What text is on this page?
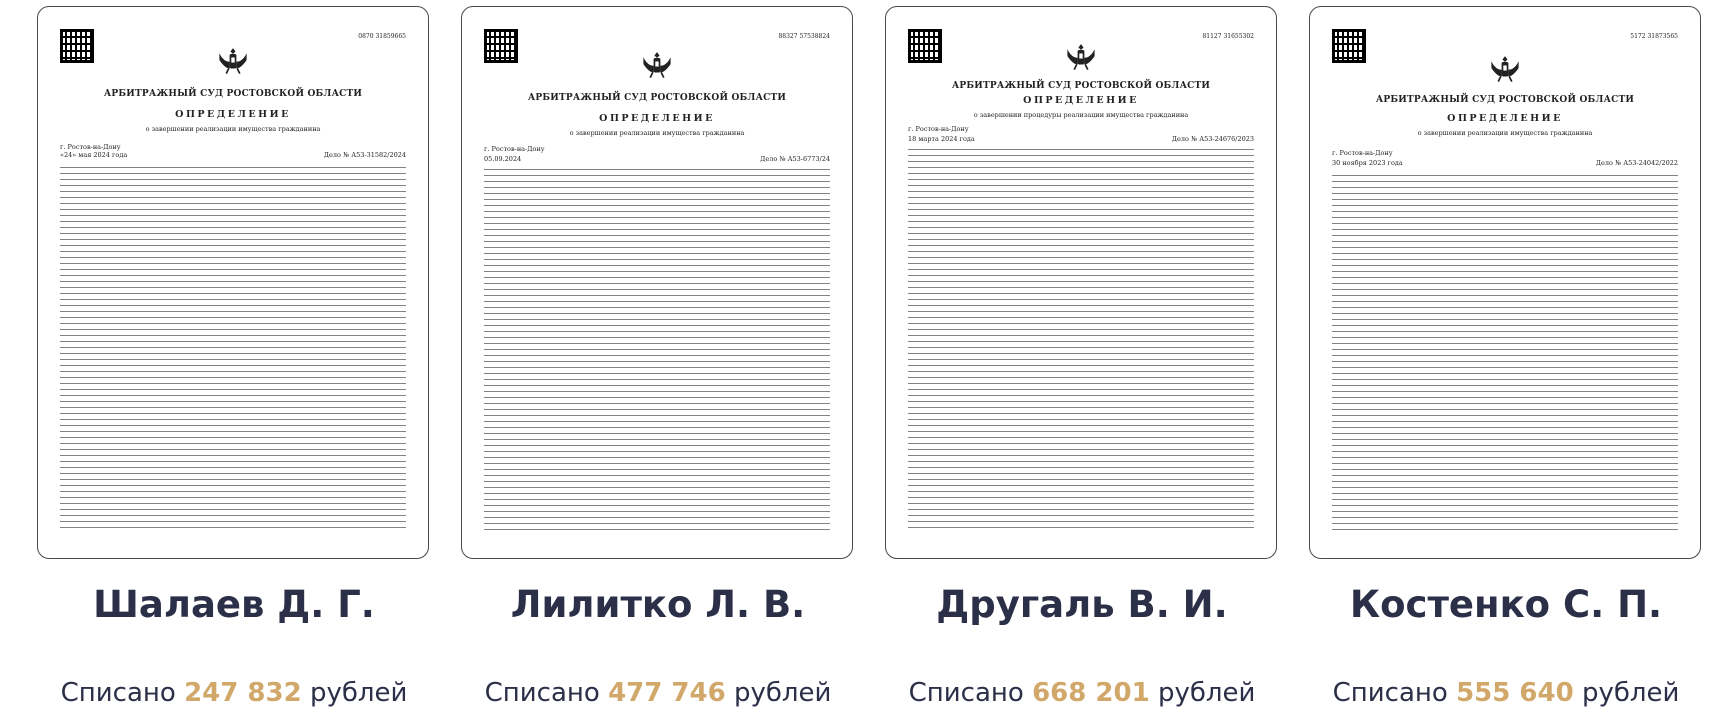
0870 31859665
АРБИТРАЖНЫЙ СУД РОСТОВСКОЙ ОБЛАСТИ
ОПРЕДЕЛЕНИЕ
о завершении реализации имущества гражданина
г. Ростов-на-Дону
«24» мая 2024 года	Дело № А53-31582/2024
Шалаев Д. Г.
Списано 247 832 рублей
88327 57538824
АРБИТРАЖНЫЙ СУД РОСТОВСКОЙ ОБЛАСТИ
ОПРЕДЕЛЕНИЕ
о завершении реализации имущества гражданина
г. Ростов-на-Дону
05.09.2024	Дело № А53-6773/24
Лилитко Л. В.
Списано 477 746 рублей
81127 31655302
АРБИТРАЖНЫЙ СУД РОСТОВСКОЙ ОБЛАСТИ
ОПРЕДЕЛЕНИЕ
о завершении процедуры реализации имущества гражданина
г. Ростов-на-Дону
18 марта 2024 года	Дело № А53-24676/2023
Другаль В. И.
Списано 668 201 рублей
5172 31873565
АРБИТРАЖНЫЙ СУД РОСТОВСКОЙ ОБЛАСТИ
ОПРЕДЕЛЕНИЕ
о завершении реализации имущества гражданина
г. Ростов-на-Дону
30 ноября 2023 года	Дело № А53-24042/2022
Костенко С. П.
Списано 555 640 рублей
